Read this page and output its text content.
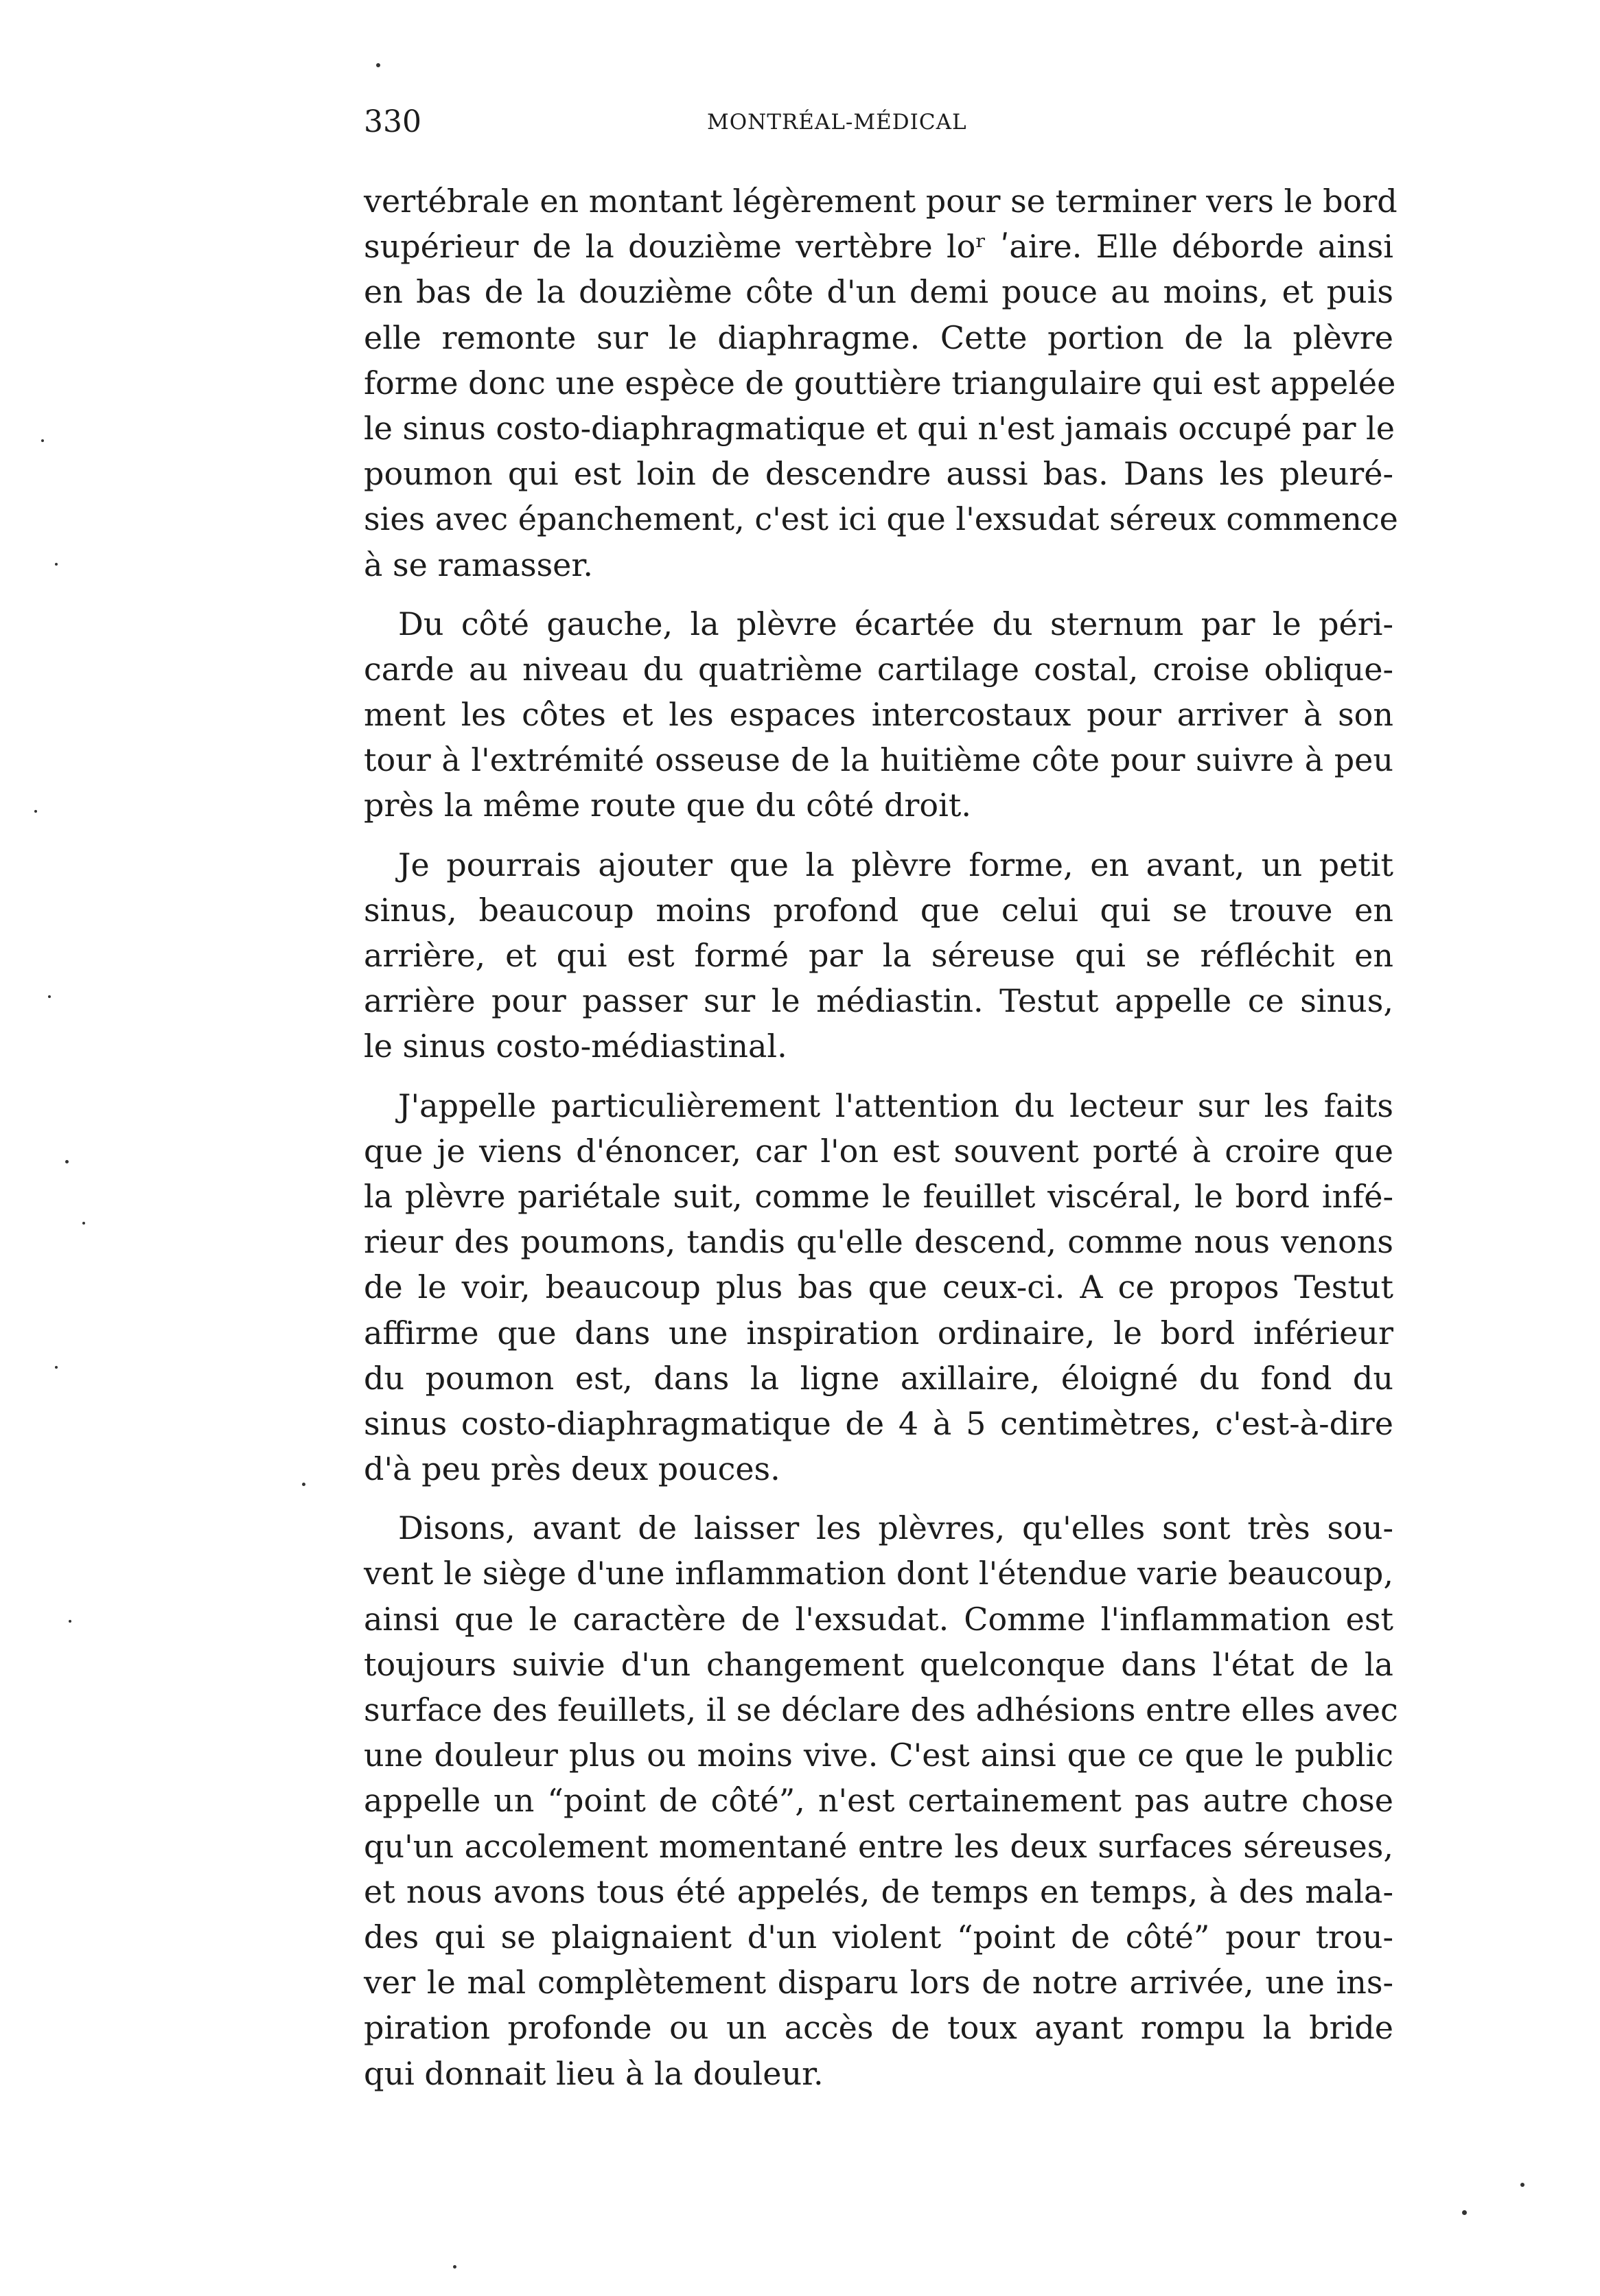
330	MONTRÉAL-MÉDICAL

vertébrale en montant légèrement pour se terminer vers le bord
supérieur de la douzième vertèbre loʳ ʹaire. Elle déborde ainsi
en bas de la douzième côte d'un demi pouce au moins, et puis
elle remonte sur le diaphragme. Cette portion de la plèvre
forme donc une espèce de gouttière triangulaire qui est appelée
le sinus costo-diaphragmatique et qui n'est jamais occupé par le
poumon qui est loin de descendre aussi bas. Dans les pleuré-
sies avec épanchement, c'est ici que l'exsudat séreux commence
à se ramasser.

Du côté gauche, la plèvre écartée du sternum par le péri-
carde au niveau du quatrième cartilage costal, croise oblique-
ment les côtes et les espaces intercostaux pour arriver à son
tour à l'extrémité osseuse de la huitième côte pour suivre à peu
près la même route que du côté droit.

Je pourrais ajouter que la plèvre forme, en avant, un petit
sinus, beaucoup moins profond que celui qui se trouve en
arrière, et qui est formé par la séreuse qui se réfléchit en
arrière pour passer sur le médiastin. Testut appelle ce sinus,
le sinus costo-médiastinal.

J'appelle particulièrement l'attention du lecteur sur les faits
que je viens d'énoncer, car l'on est souvent porté à croire que
la plèvre pariétale suit, comme le feuillet viscéral, le bord infé-
rieur des poumons, tandis qu'elle descend, comme nous venons
de le voir, beaucoup plus bas que ceux-ci. A ce propos Testut
affirme que dans une inspiration ordinaire, le bord inférieur
du poumon est, dans la ligne axillaire, éloigné du fond du
sinus costo-diaphragmatique de 4 à 5 centimètres, c'est-à-dire
d'à peu près deux pouces.

Disons, avant de laisser les plèvres, qu'elles sont très sou-
vent le siège d'une inflammation dont l'étendue varie beaucoup,
ainsi que le caractère de l'exsudat. Comme l'inflammation est
toujours suivie d'un changement quelconque dans l'état de la
surface des feuillets, il se déclare des adhésions entre elles avec
une douleur plus ou moins vive. C'est ainsi que ce que le public
appelle un “point de côté”, n'est certainement pas autre chose
qu'un accolement momentané entre les deux surfaces séreuses,
et nous avons tous été appelés, de temps en temps, à des mala-
des qui se plaignaient d'un violent “point de côté” pour trou-
ver le mal complètement disparu lors de notre arrivée, une ins-
piration profonde ou un accès de toux ayant rompu la bride
qui donnait lieu à la douleur.
